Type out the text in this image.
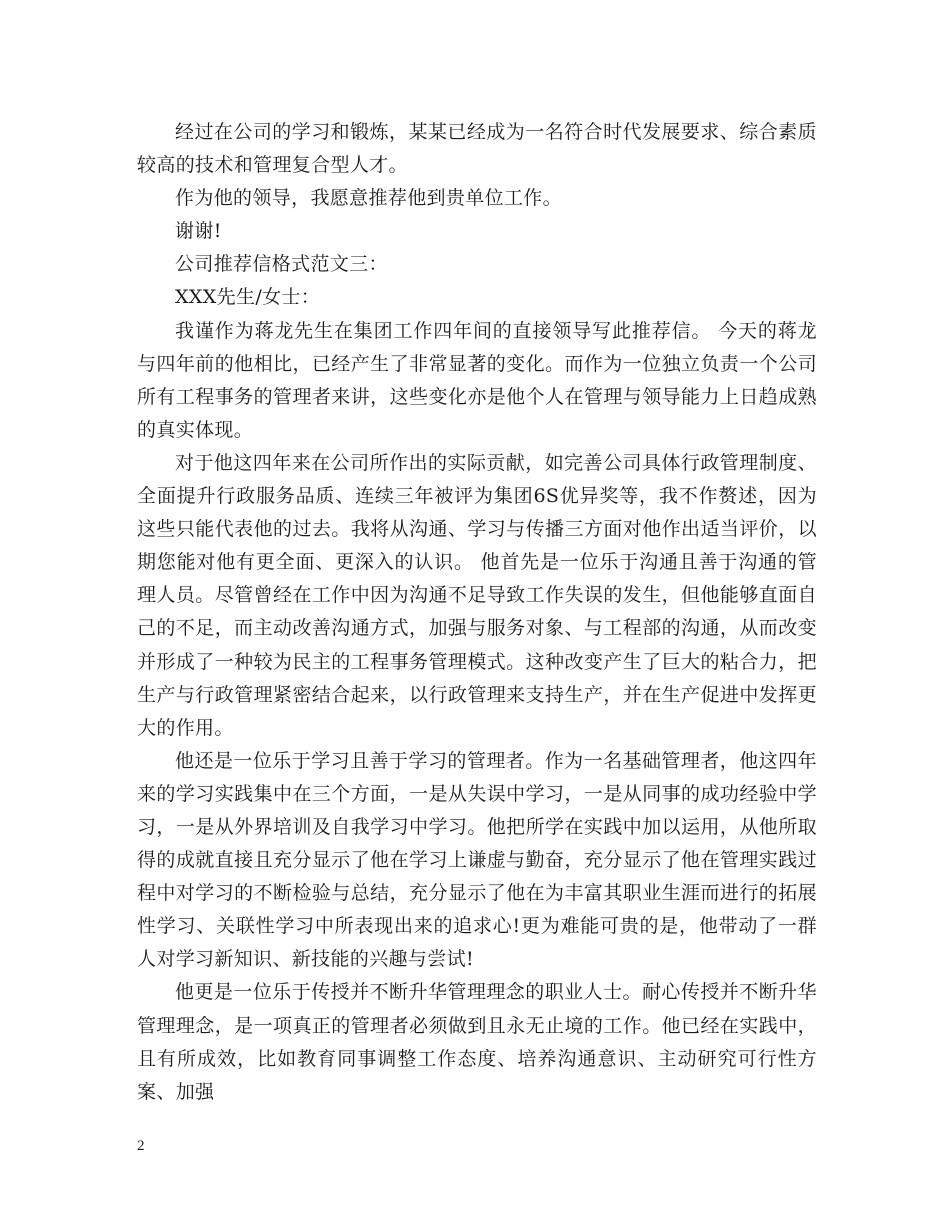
经过在公司的学习和锻炼，某某已经成为一名符合时代发展要求、综合素质较高的技术和管理复合型人才。

作为他的领导，我愿意推荐他到贵单位工作。

谢谢!

公司推荐信格式范文三：

XXX先生/女士：

我谨作为蒋龙先生在集团工作四年间的直接领导写此推荐信。 今天的蒋龙与四年前的他相比，已经产生了非常显著的变化。而作为一位独立负责一个公司所有工程事务的管理者来讲，这些变化亦是他个人在管理与领导能力上日趋成熟的真实体现。

对于他这四年来在公司所作出的实际贡献，如完善公司具体行政管理制度、全面提升行政服务品质、连续三年被评为集团6S优异奖等，我不作赘述，因为这些只能代表他的过去。我将从沟通、学习与传播三方面对他作出适当评价，以期您能对他有更全面、更深入的认识。 他首先是一位乐于沟通且善于沟通的管理人员。尽管曾经在工作中因为沟通不足导致工作失误的发生，但他能够直面自己的不足，而主动改善沟通方式，加强与服务对象、与工程部的沟通，从而改变并形成了一种较为民主的工程事务管理模式。这种改变产生了巨大的粘合力，把生产与行政管理紧密结合起来，以行政管理来支持生产，并在生产促进中发挥更大的作用。

他还是一位乐于学习且善于学习的管理者。作为一名基础管理者，他这四年来的学习实践集中在三个方面，一是从失误中学习，一是从同事的成功经验中学习，一是从外界培训及自我学习中学习。他把所学在实践中加以运用，从他所取得的成就直接且充分显示了他在学习上谦虚与勤奋，充分显示了他在管理实践过程中对学习的不断检验与总结，充分显示了他在为丰富其职业生涯而进行的拓展性学习、关联性学习中所表现出来的追求心!更为难能可贵的是，他带动了一群人对学习新知识、新技能的兴趣与尝试!

他更是一位乐于传授并不断升华管理理念的职业人士。耐心传授并不断升华管理理念，是一项真正的管理者必须做到且永无止境的工作。他已经在实践中，且有所成效，比如教育同事调整工作态度、培养沟通意识、主动研究可行性方案、加强

2
